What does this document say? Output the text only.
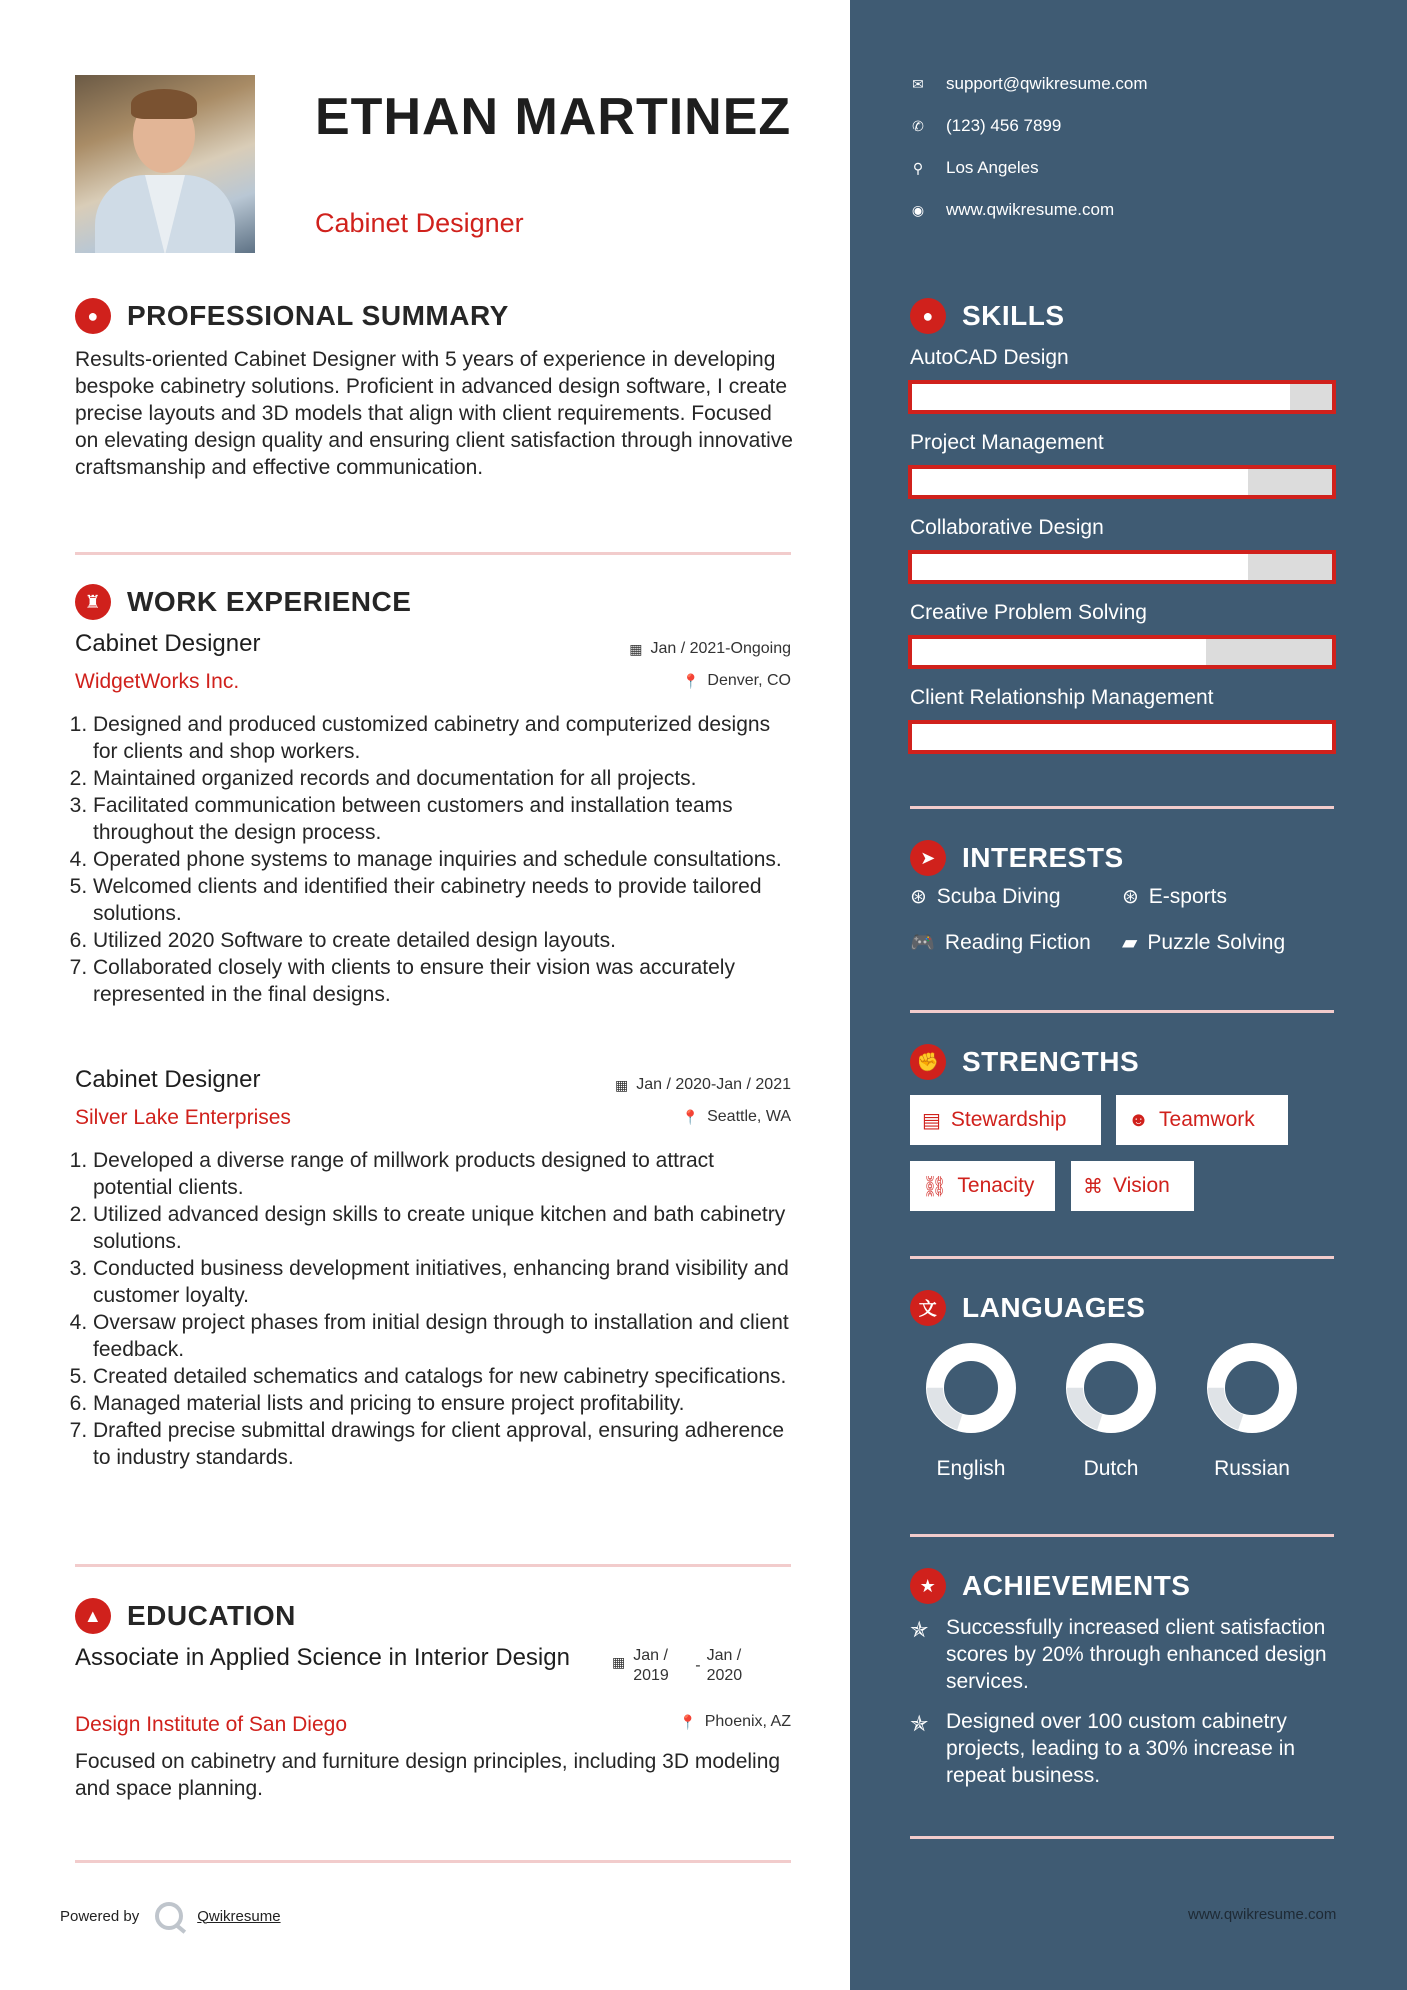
ETHAN MARTINEZ
Cabinet Designer
●	PROFESSIONAL SUMMARY
Results-oriented Cabinet Designer with 5 years of experience in developing bespoke cabinetry solutions. Proficient in advanced design software, I create precise layouts and 3D models that align with client requirements. Focused on elevating design quality and ensuring client satisfaction through innovative craftsmanship and effective communication.
♜ WORK EXPERIENCE
Cabinet Designer	▦ Jan / 2021-Ongoing
WidgetWorks Inc.	📍 Denver, CO
1. Designed and produced customized cabinetry and computerized designs for clients and shop workers.
2. Maintained organized records and documentation for all projects.
3. Facilitated communication between customers and installation teams throughout the design process.
4. Operated phone systems to manage inquiries and schedule consultations.
5. Welcomed clients and identified their cabinetry needs to provide tailored solutions.
6. Utilized 2020 Software to create detailed design layouts.
7. Collaborated closely with clients to ensure their vision was accurately represented in the final designs.
Cabinet Designer	▦ Jan / 2020-Jan / 2021
Silver Lake Enterprises	📍 Seattle, WA
1. Developed a diverse range of millwork products designed to attract potential clients.
2. Utilized advanced design skills to create unique kitchen and bath cabinetry solutions.
3. Conducted business development initiatives, enhancing brand visibility and customer loyalty.
4. Oversaw project phases from initial design through to installation and client feedback.
5. Created detailed schematics and catalogs for new cabinetry specifications.
6. Managed material lists and pricing to ensure project profitability.
7. Drafted precise submittal drawings for client approval, ensuring adherence to industry standards.
▲ EDUCATION
Associate in Applied Science in Interior Design	▦ Jan / 2019
-
Jan / 2020
Design Institute of San Diego	📍 Phoenix, AZ
Focused on cabinetry and furniture design principles, including 3D modeling and space planning.
Powered by	Qwikresume	www.qwikresume.com
✉ support@qwikresume.com
✆ (123) 456 7899
⚲ Los Angeles
◉ www.qwikresume.com
●	SKILLS
AutoCAD Design
Project Management
Collaborative Design
Creative Problem Solving
Client Relationship Management
➤ INTERESTS
⊛ Scuba Diving	⊛ E-sports
🎮 Reading Fiction ▰ Puzzle Solving
✊ STRENGTHS
▤ Stewardship	☻ Teamwork
⛓ Tenacity ⌘ Vision
文 LANGUAGES
English	Dutch	Russian
★ ACHIEVEMENTS
✯ Successfully increased client satisfaction scores by 20% through enhanced design services.
✯ Designed over 100 custom cabinetry projects, leading to a 30% increase in repeat business.
